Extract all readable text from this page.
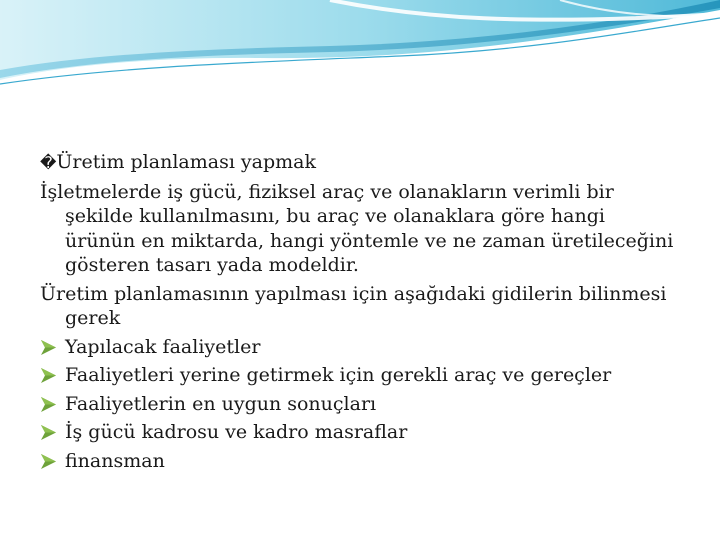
�Üretim planlaması yapmak

İşletmelerde iş gücü, fiziksel araç ve olanakların verimli bir şekilde kullanılmasını, bu araç ve olanaklara göre hangi ürünün en miktarda, hangi yöntemle ve ne zaman üretileceğini gösteren tasarı yada modeldir.

Üretim planlamasının yapılması için aşağıdaki gidilerin bilinmesi gerek

Yapılacak faaliyetler
Faaliyetleri yerine getirmek için gerekli araç ve gereçler
Faaliyetlerin en uygun sonuçları
İş gücü kadrosu ve kadro masraflar
finansman
